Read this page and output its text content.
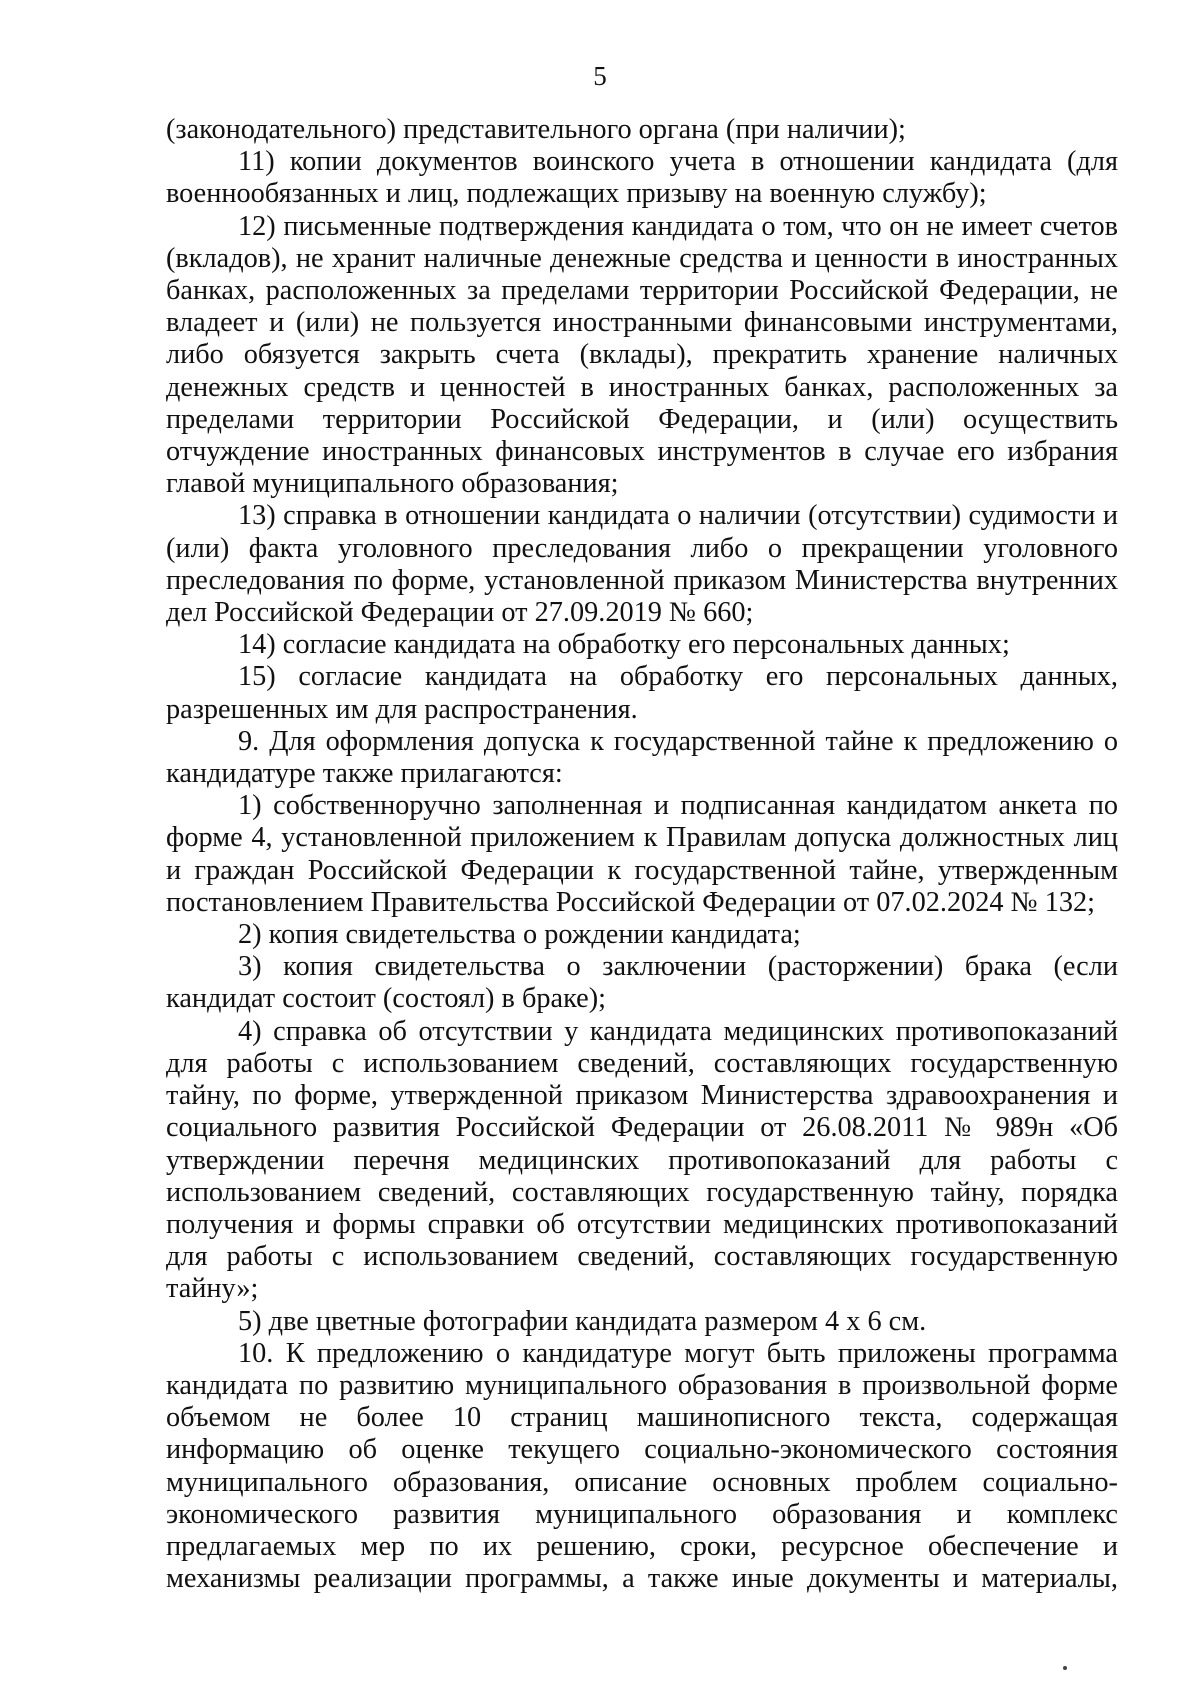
5

(законодательного) представительного органа (при наличии);

11) копии документов воинского учета в отношении кандидата (для военнообязанных и лиц, подлежащих призыву на военную службу);

12) письменные подтверждения кандидата о том, что он не имеет счетов (вкладов), не хранит наличные денежные средства и ценности в иностранных банках, расположенных за пределами территории Российской Федерации, не владеет и (или) не пользуется иностранными финансовыми инструментами, либо обязуется закрыть счета (вклады), прекратить хранение наличных денежных средств и ценностей в иностранных банках, расположенных за пределами территории Российской Федерации, и (или) осуществить отчуждение иностранных финансовых инструментов в случае его избрания главой муниципального образования;

13) справка в отношении кандидата о наличии (отсутствии) судимости и (или) факта уголовного преследования либо о прекращении уголовного преследования по форме, установленной приказом Министерства внутренних дел Российской Федерации от 27.09.2019 № 660;

14) согласие кандидата на обработку его персональных данных;

15) согласие кандидата на обработку его персональных данных, разрешенных им для распространения.

9. Для оформления допуска к государственной тайне к предложению о кандидатуре также прилагаются:

1) собственноручно заполненная и подписанная кандидатом анкета по форме 4, установленной приложением к Правилам допуска должностных лиц и граждан Российской Федерации к государственной тайне, утвержденным постановлением Правительства Российской Федерации от 07.02.2024 № 132;

2) копия свидетельства о рождении кандидата;

3) копия свидетельства о заключении (расторжении) брака (если кандидат состоит (состоял) в браке);

4) справка об отсутствии у кандидата медицинских противопоказаний для работы с использованием сведений, составляющих государственную тайну, по форме, утвержденной приказом Министерства здравоохранения и социального развития Российской Федерации от 26.08.2011 № 989н «Об утверждении перечня медицинских противопоказаний для работы с использованием сведений, составляющих государственную тайну, порядка получения и формы справки об отсутствии медицинских противопоказаний для работы с использованием сведений, составляющих государственную тайну»;

5) две цветные фотографии кандидата размером 4 х 6 см.

10. К предложению о кандидатуре могут быть приложены программа кандидата по развитию муниципального образования в произвольной форме объемом не более 10 страниц машинописного текста, содержащая информацию об оценке текущего социально-экономического состояния муниципального образования, описание основных проблем социально-экономического развития муниципального образования и комплекс предлагаемых мер по их решению, сроки, ресурсное обеспечение и механизмы реализации программы, а также иные документы и материалы,
